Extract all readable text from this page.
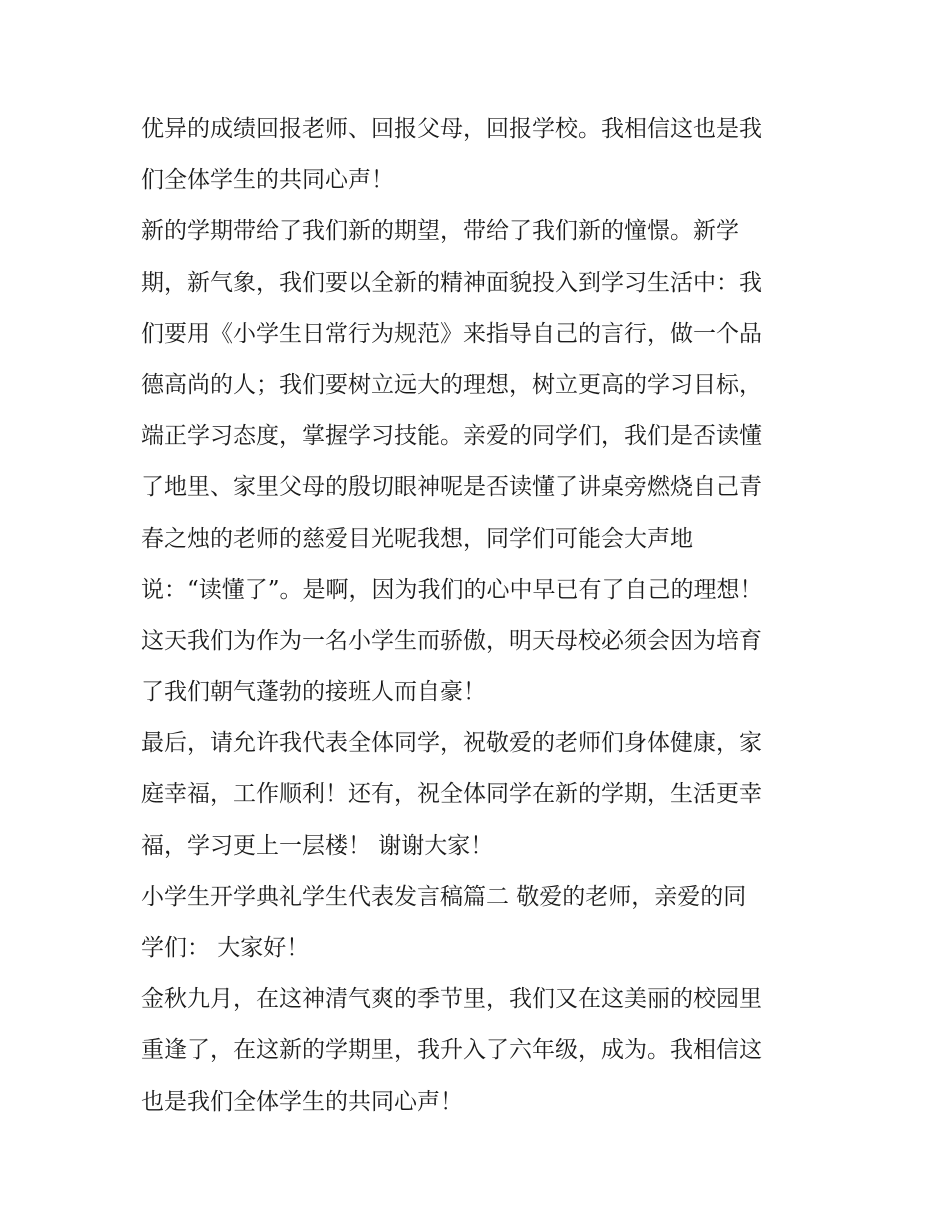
优异的成绩回报老师、回报父母，回报学校。我相信这也是我
们全体学生的共同心声！
新的学期带给了我们新的期望，带给了我们新的憧憬。新学
期，新气象，我们要以全新的精神面貌投入到学习生活中：我
们要用《小学生日常行为规范》来指导自己的言行，做一个品
德高尚的人；我们要树立远大的理想，树立更高的学习目标，
端正学习态度，掌握学习技能。亲爱的同学们，我们是否读懂
了地里、家里父母的殷切眼神呢是否读懂了讲桌旁燃烧自己青
春之烛的老师的慈爱目光呢我想，同学们可能会大声地
说：“读懂了”。是啊，因为我们的心中早已有了自己的理想！
这天我们为作为一名小学生而骄傲，明天母校必须会因为培育
了我们朝气蓬勃的接班人而自豪！
最后，请允许我代表全体同学，祝敬爱的老师们身体健康，家
庭幸福，工作顺利！还有，祝全体同学在新的学期，生活更幸
福，学习更上一层楼！ 谢谢大家！
小学生开学典礼学生代表发言稿篇二 敬爱的老师，亲爱的同
学们： 大家好！
金秋九月，在这神清气爽的季节里，我们又在这美丽的校园里
重逢了，在这新的学期里，我升入了六年级，成为。我相信这
也是我们全体学生的共同心声！
